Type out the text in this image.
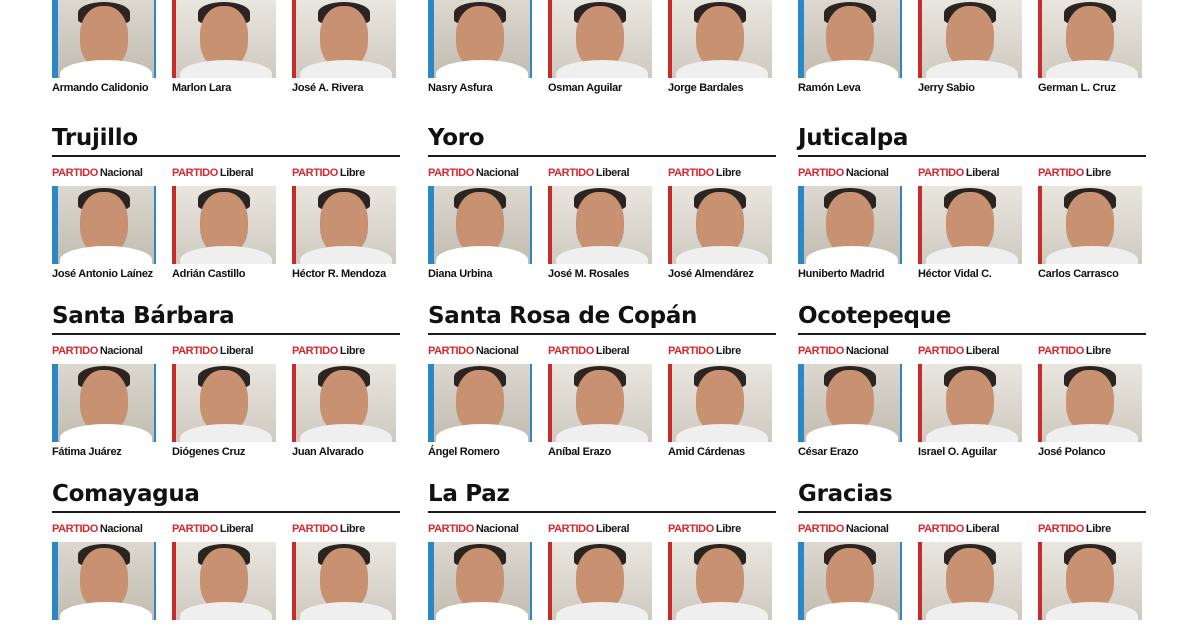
Armando Calidonio Marlon Lara	José A. Rivera
Trujillo
PARTIDO Nacional
José Antonio Laínez
PARTIDO Liberal
Adrián Castillo
PARTIDO Libre
Héctor R. Mendoza
Santa Bárbara
PARTIDO Nacional
Fátima Juárez
PARTIDO Liberal
Diógenes Cruz
PARTIDO Libre
Juan Alvarado
Comayagua
PARTIDO Nacional	PARTIDO Liberal	PARTIDO Libre
Nasry Asfura	Osman Aguilar	Jorge Bardales
Yoro
PARTIDO Nacional
Diana Urbina
PARTIDO Liberal
José M. Rosales
PARTIDO Libre
José Almendárez
Santa Rosa de Copán
PARTIDO Nacional
Ángel Romero
PARTIDO Liberal
Aníbal Erazo
PARTIDO Libre
Amid Cárdenas
La Paz
PARTIDO Nacional	PARTIDO Liberal	PARTIDO Libre
Ramón Leva	Jerry Sabio	German L. Cruz
Juticalpa
PARTIDO Nacional
Huniberto Madrid
PARTIDO Liberal
Héctor Vidal C.
PARTIDO Libre
Carlos Carrasco
Ocotepeque
PARTIDO Nacional
César Erazo
PARTIDO Liberal
Israel O. Aguilar
PARTIDO Libre
José Polanco
Gracias
PARTIDO Nacional	PARTIDO Liberal	PARTIDO Libre
